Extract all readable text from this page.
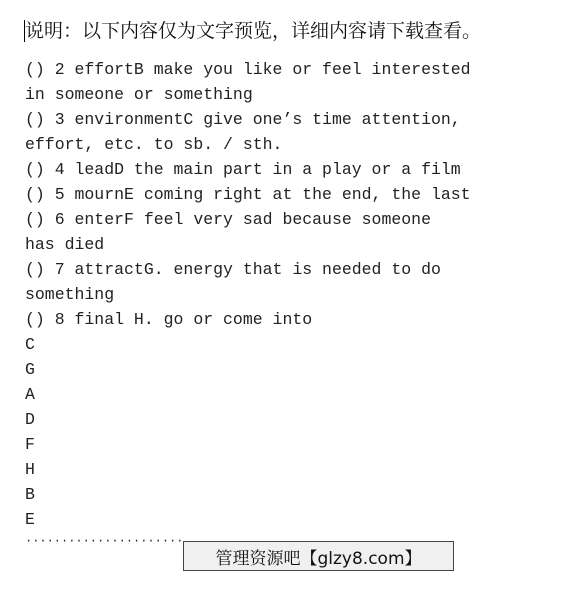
说明：以下内容仅为文字预览，详细内容请下载查看。
() 2 effortB make you like or feel interested
in someone or something
() 3 environmentC give one’s time attention,
effort, etc. to sb. / sth.
() 4 leadD the main part in a play or a film
() 5 mournE coming right at the end, the last
() 6 enterF feel very sad because someone
has died
() 7 attractG. energy that is needed to do
something
() 8 final H. go or come into
C
G
A
D
F
H
B
E
······················
管理资源吧【glzy8.com】
